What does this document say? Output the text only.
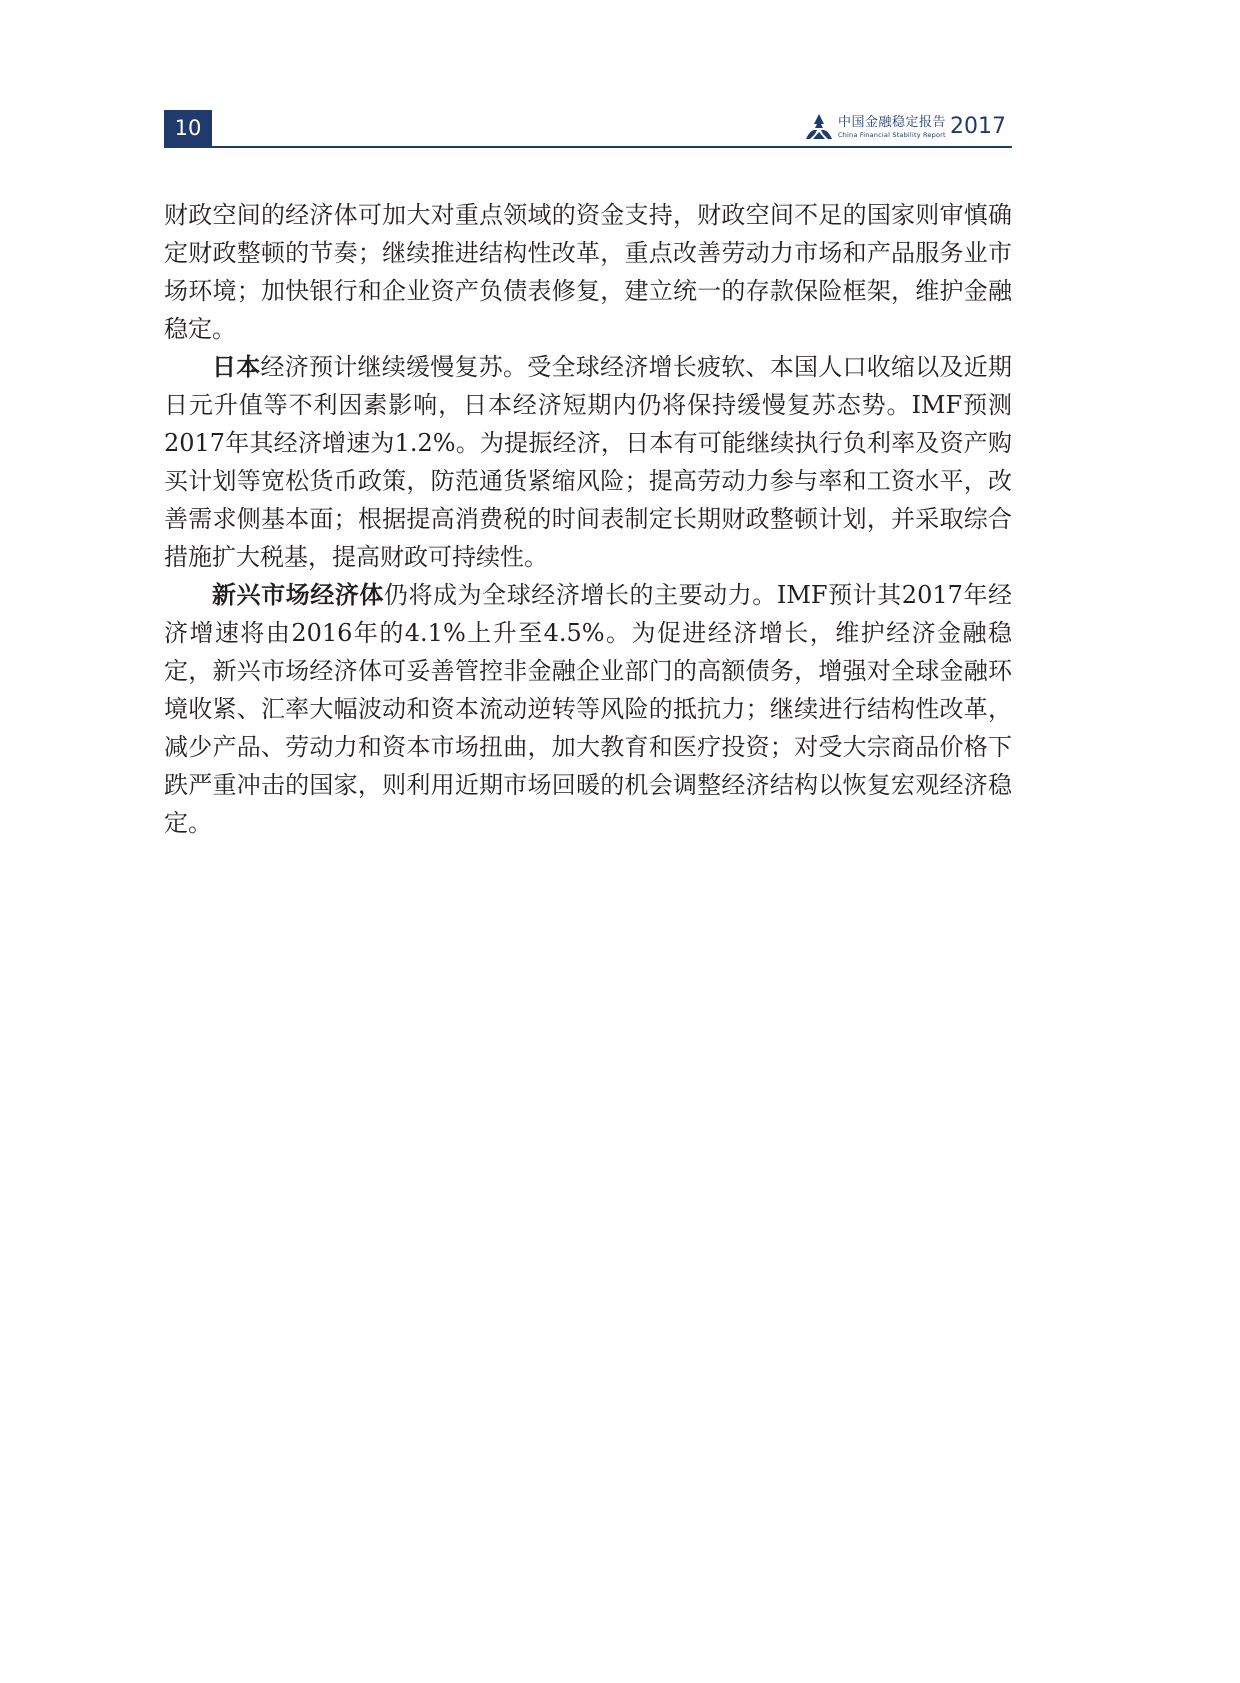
10	中国金融稳定报告
China Financial Stability Report 2017

财政空间的经济体可加大对重点领域的资金支持，财政空间不足的国家则审慎确定财政整顿的节奏；继续推进结构性改革，重点改善劳动力市场和产品服务业市场环境；加快银行和企业资产负债表修复，建立统一的存款保险框架，维护金融稳定。

日本经济预计继续缓慢复苏。受全球经济增长疲软、本国人口收缩以及近期日元升值等不利因素影响，日本经济短期内仍将保持缓慢复苏态势。IMF预测2017年其经济增速为1.2%。为提振经济，日本有可能继续执行负利率及资产购买计划等宽松货币政策，防范通货紧缩风险；提高劳动力参与率和工资水平，改善需求侧基本面；根据提高消费税的时间表制定长期财政整顿计划，并采取综合措施扩大税基，提高财政可持续性。

新兴市场经济体仍将成为全球经济增长的主要动力。IMF预计其2017年经济增速将由2016年的4.1%上升至4.5%。为促进经济增长，维护经济金融稳定，新兴市场经济体可妥善管控非金融企业部门的高额债务，增强对全球金融环境收紧、汇率大幅波动和资本流动逆转等风险的抵抗力；继续进行结构性改革，减少产品、劳动力和资本市场扭曲，加大教育和医疗投资；对受大宗商品价格下跌严重冲击的国家，则利用近期市场回暖的机会调整经济结构以恢复宏观经济稳定。
